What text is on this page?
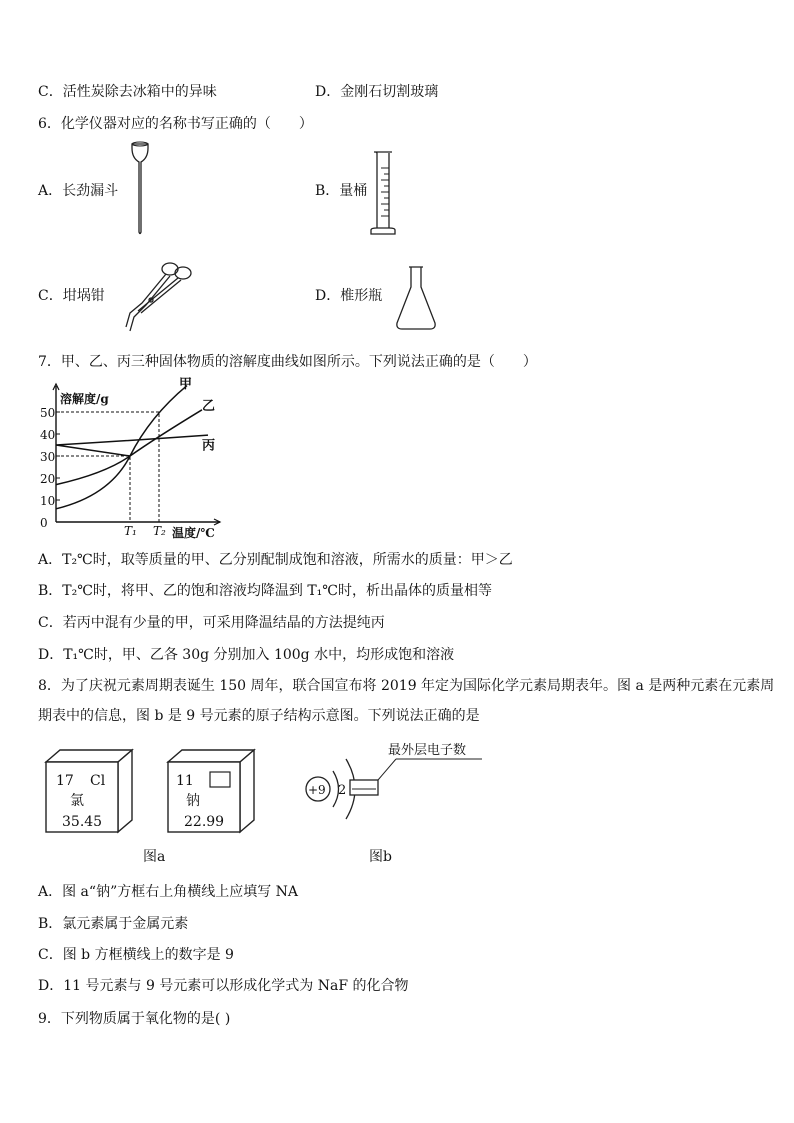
C．活性炭除去冰箱中的异味	D．金刚石切割玻璃
6．化学仪器对应的名称书写正确的（　　）
A．长劲漏斗	B．量桶
C．坩埚钳	D．椎形瓶
7．甲、乙、丙三种固体物质的溶解度曲线如图所示。下列说法正确的是（　　）
0
10
20
30
40
50
溶解度/g
温度/℃
T₁ T₂
甲
乙
丙
A．T₂℃时，取等质量的甲、乙分别配制成饱和溶液，所需水的质量：甲＞乙
B．T₂℃时，将甲、乙的饱和溶液均降温到 T₁℃时，析出晶体的质量相等
C．若丙中混有少量的甲，可采用降温结晶的方法提纯丙
D．T₁℃时，甲、乙各 30g 分别加入 100g 水中，均形成饱和溶液
8．为了庆祝元素周期表诞生 150 周年，联合国宣布将 2019 年定为国际化学元素局期表年。图 a 是两种元素在元素周
期表中的信息，图 b 是 9 号元素的原子结构示意图。下列说法正确的是
17 Cl
氯
35.45
11
钠
22.99
+9 2
最外层电子数
图a	图b
A．图 a“钠”方框右上角横线上应填写 NA
B．氯元素属于金属元素
C．图 b 方框横线上的数字是 9
D．11 号元素与 9 号元素可以形成化学式为 NaF 的化合物
9．下列物质属于氧化物的是( )
